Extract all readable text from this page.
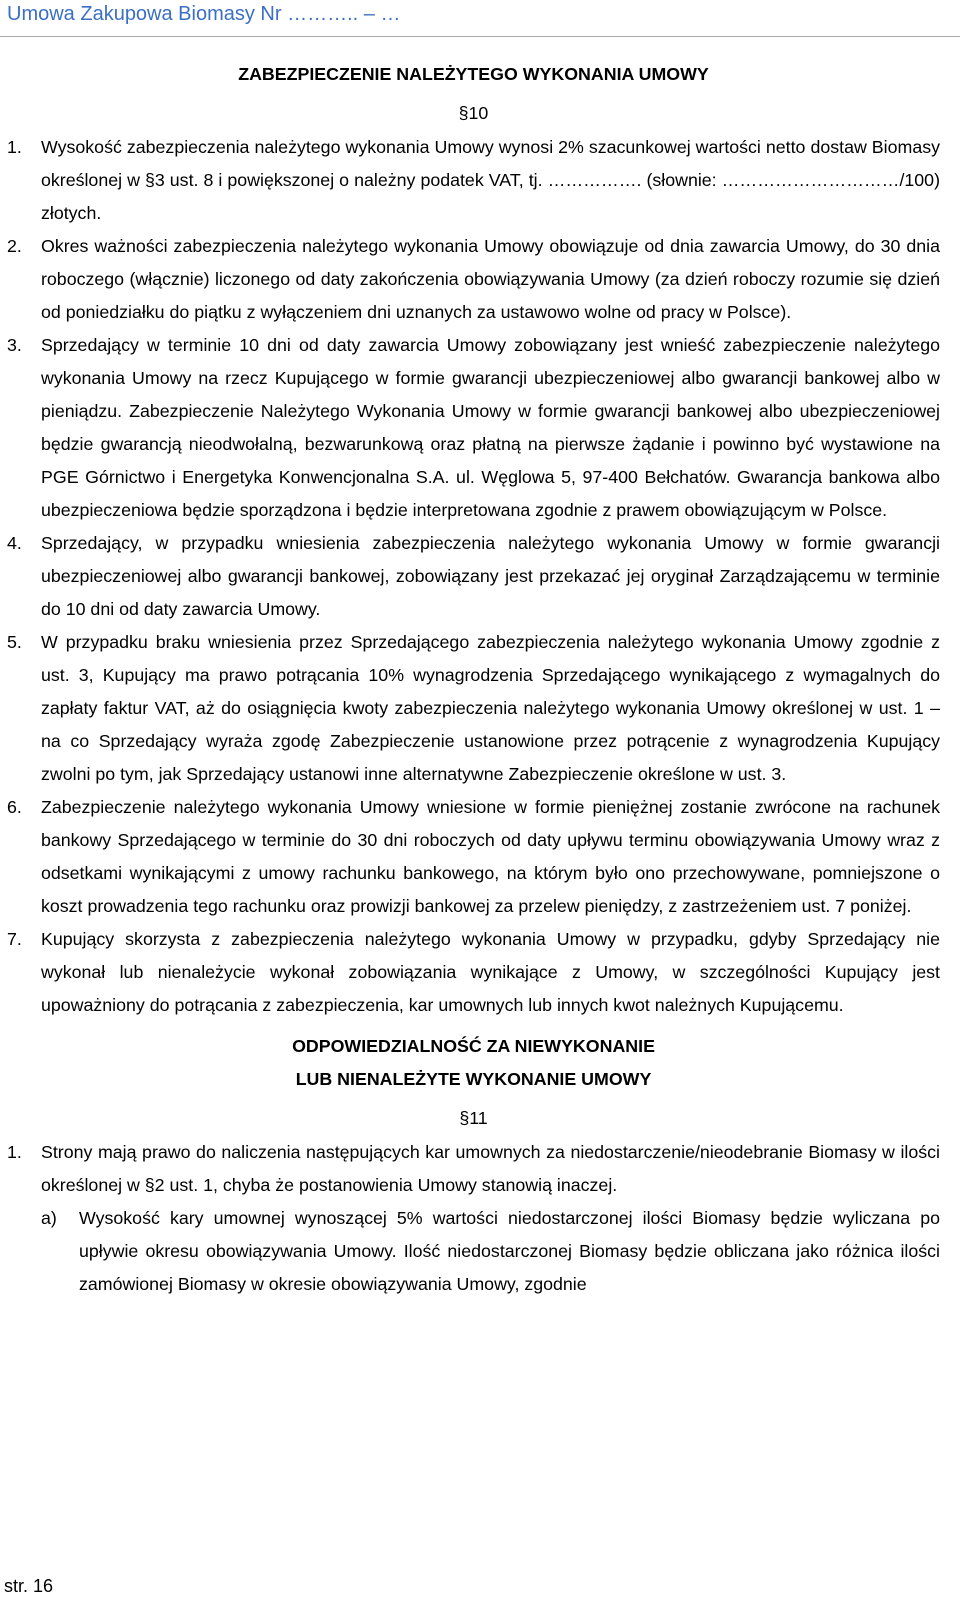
Umowa Zakupowa Biomasy Nr ……….. – …

ZABEZPIECZENIE NALEŻYTEGO WYKONANIA UMOWY

§10

1.	Wysokość zabezpieczenia należytego wykonania Umowy wynosi 2% szacunkowej wartości netto dostaw Biomasy określonej w §3 ust. 8 i powiększonej o należny podatek VAT, tj. ……………. (słownie: …………………………/100) złotych.
2.	Okres ważności zabezpieczenia należytego wykonania Umowy obowiązuje od dnia zawarcia Umowy, do 30 dnia roboczego (włącznie) liczonego od daty zakończenia obowiązywania Umowy (za dzień roboczy rozumie się dzień od poniedziałku do piątku z wyłączeniem dni uznanych za ustawowo wolne od pracy w Polsce).
3.	Sprzedający w terminie 10 dni od daty zawarcia Umowy zobowiązany jest wnieść zabezpieczenie należytego wykonania Umowy na rzecz Kupującego w formie gwarancji ubezpieczeniowej albo gwarancji bankowej albo w pieniądzu. Zabezpieczenie Należytego Wykonania Umowy w formie gwarancji bankowej albo ubezpieczeniowej będzie gwarancją nieodwołalną, bezwarunkową oraz płatną na pierwsze żądanie i powinno być wystawione na PGE Górnictwo i Energetyka Konwencjonalna S.A. ul. Węglowa 5, 97-400 Bełchatów. Gwarancja bankowa albo ubezpieczeniowa będzie sporządzona i będzie interpretowana zgodnie z prawem obowiązującym w Polsce.
4.	Sprzedający, w przypadku wniesienia zabezpieczenia należytego wykonania Umowy w formie gwarancji ubezpieczeniowej albo gwarancji bankowej, zobowiązany jest przekazać jej oryginał Zarządzającemu w terminie do 10 dni od daty zawarcia Umowy.
5.	W przypadku braku wniesienia przez Sprzedającego zabezpieczenia należytego wykonania Umowy zgodnie z ust. 3, Kupujący ma prawo potrącania 10% wynagrodzenia Sprzedającego wynikającego z wymagalnych do zapłaty faktur VAT, aż do osiągnięcia kwoty zabezpieczenia należytego wykonania Umowy określonej w ust. 1 – na co Sprzedający wyraża zgodę Zabezpieczenie ustanowione przez potrącenie z wynagrodzenia Kupujący zwolni po tym, jak Sprzedający ustanowi inne alternatywne Zabezpieczenie określone w ust. 3.
6.	Zabezpieczenie należytego wykonania Umowy wniesione w formie pieniężnej zostanie zwrócone na rachunek bankowy Sprzedającego w terminie do 30 dni roboczych od daty upływu terminu obowiązywania Umowy wraz z odsetkami wynikającymi z umowy rachunku bankowego, na którym było ono przechowywane, pomniejszone o koszt prowadzenia tego rachunku oraz prowizji bankowej za przelew pieniędzy, z zastrzeżeniem ust. 7 poniżej.
7.	Kupujący skorzysta z zabezpieczenia należytego wykonania Umowy w przypadku, gdyby Sprzedający nie wykonał lub nienależycie wykonał zobowiązania wynikające z Umowy, w szczególności Kupujący jest upoważniony do potrącania z zabezpieczenia, kar umownych lub innych kwot należnych Kupującemu.

ODPOWIEDZIALNOŚĆ ZA NIEWYKONANIE

LUB NIENALEŻYTE WYKONANIE UMOWY

§11

1.	Strony mają prawo do naliczenia następujących kar umownych za niedostarczenie/nieodebranie Biomasy w ilości określonej w §2 ust. 1, chyba że postanowienia Umowy stanowią inaczej.
a)	Wysokość kary umownej wynoszącej 5% wartości niedostarczonej ilości Biomasy będzie wyliczana po upływie okresu obowiązywania Umowy. Ilość niedostarczonej Biomasy będzie obliczana jako różnica ilości zamówionej Biomasy w okresie obowiązywania Umowy, zgodnie
str. 16
